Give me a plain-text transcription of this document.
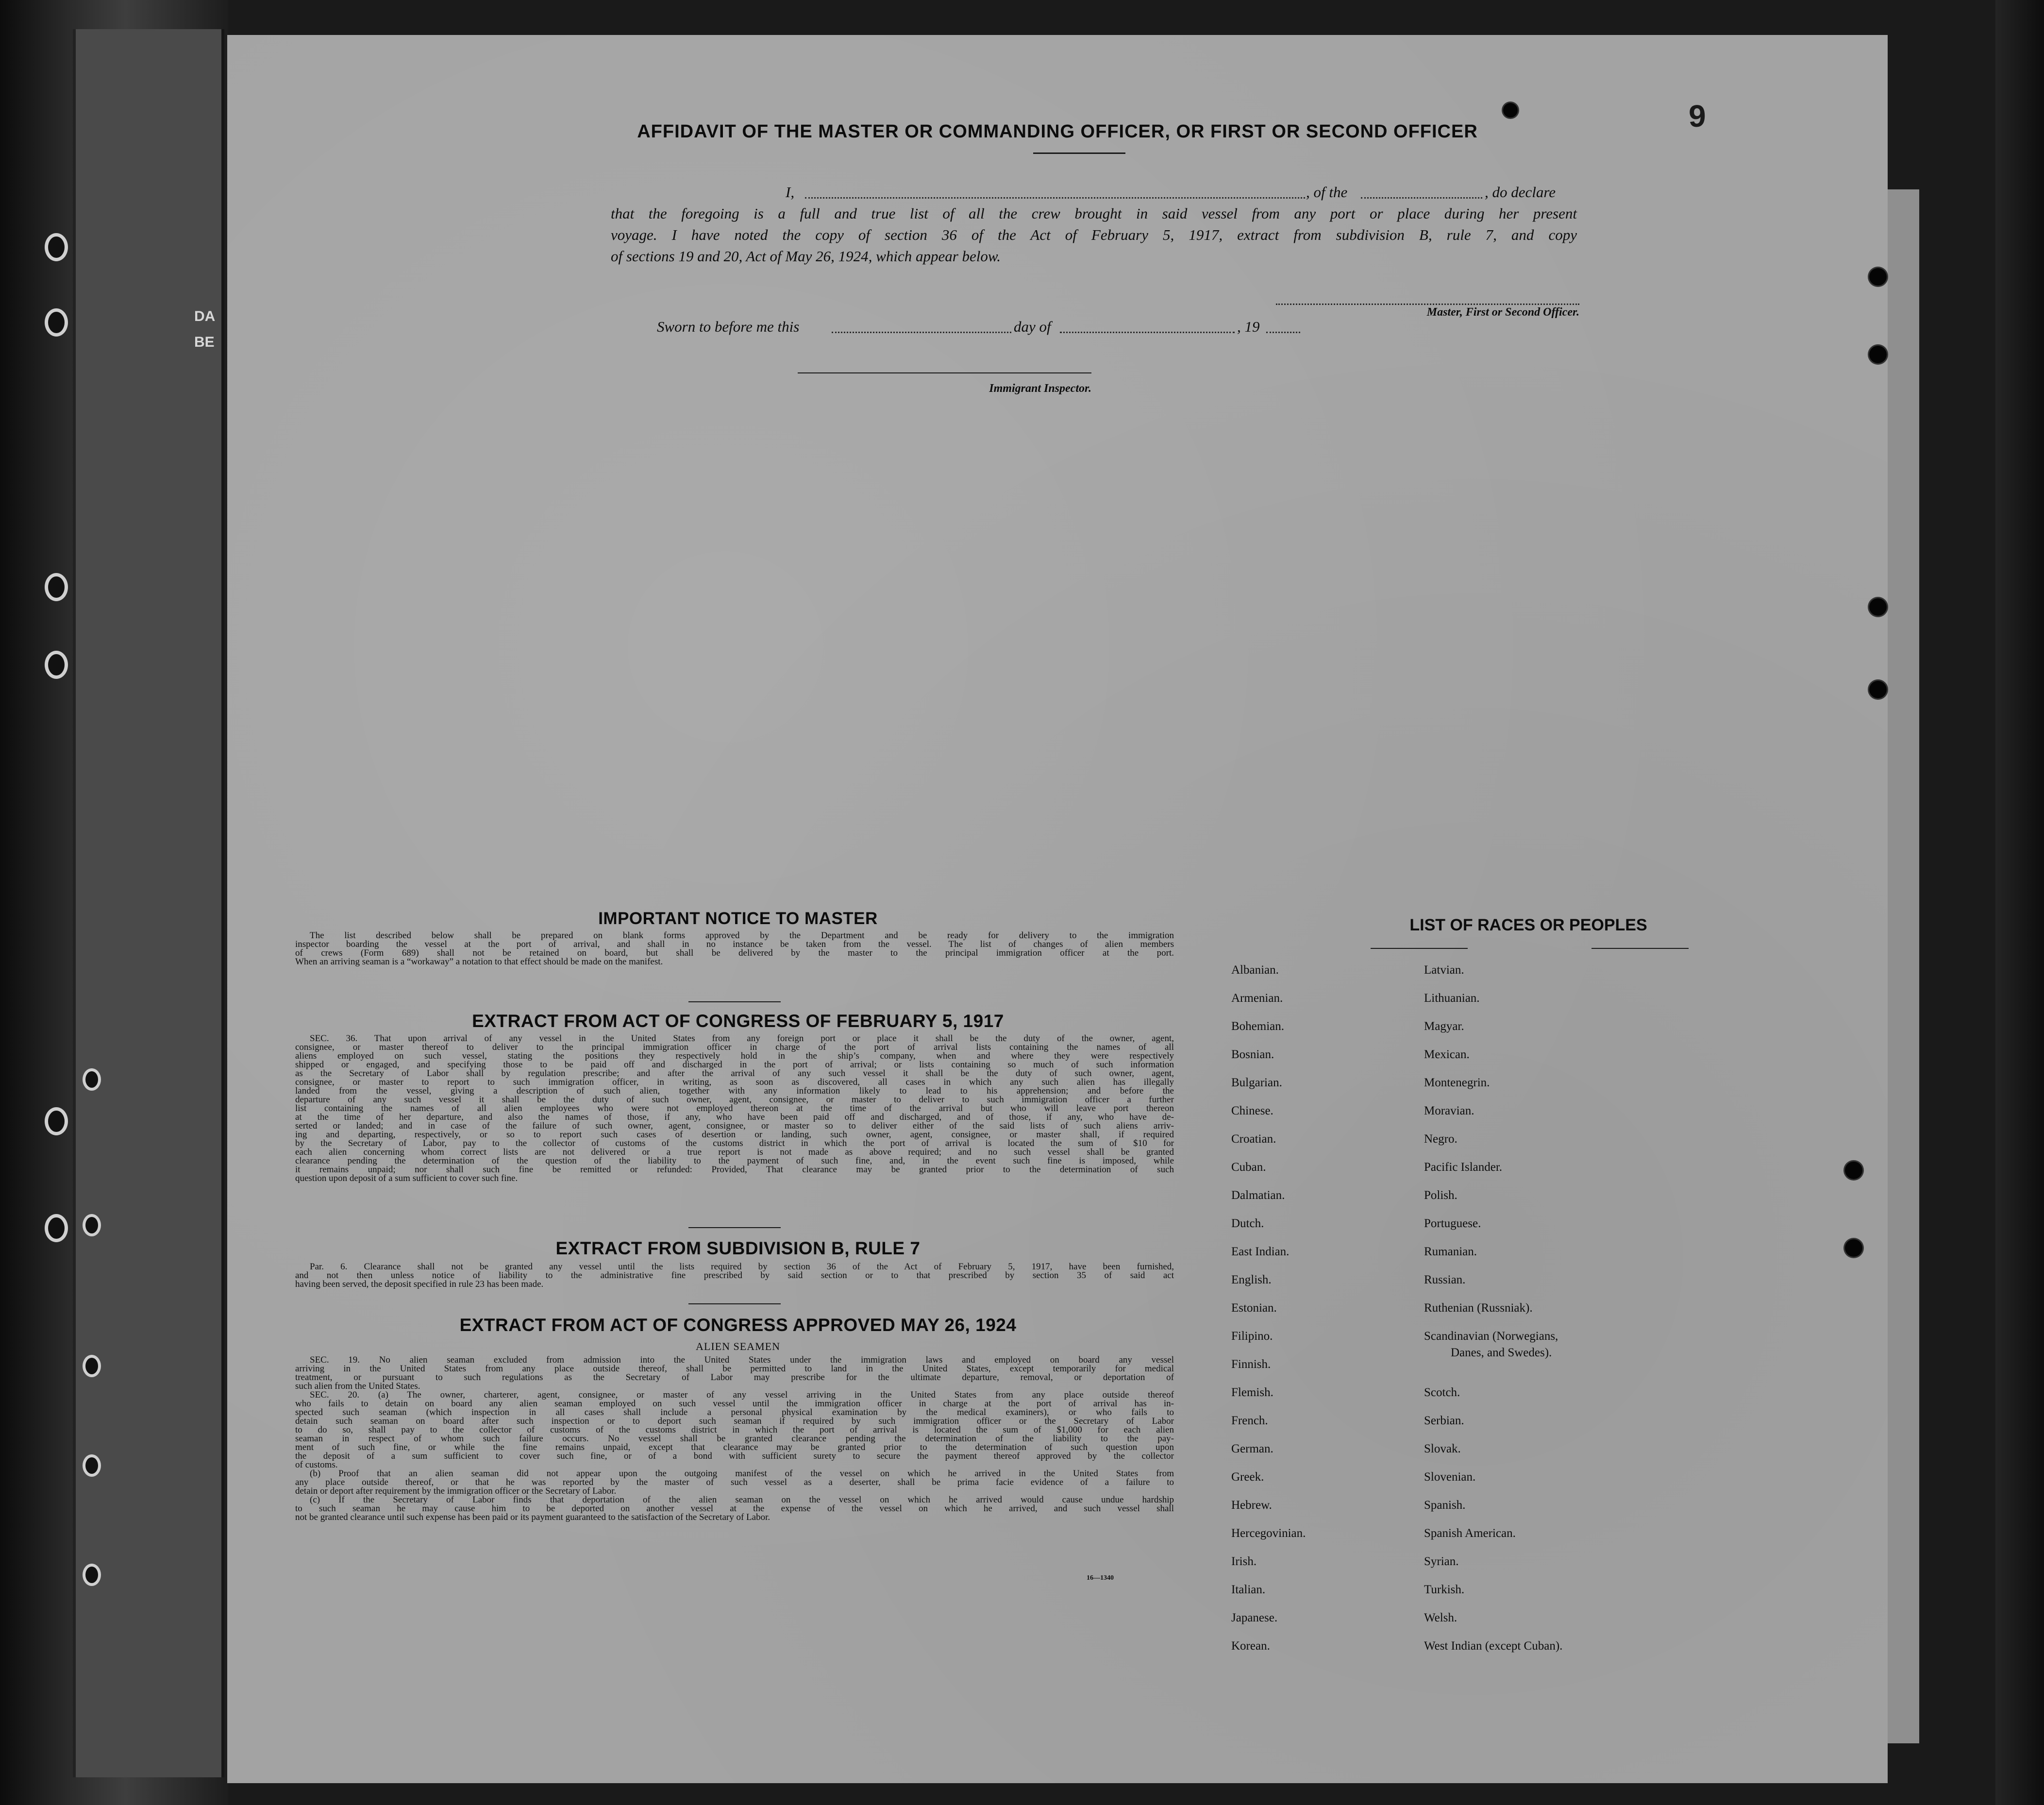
DA
BE
9
AFFIDAVIT OF THE MASTER OR COMMANDING OFFICER, OR FIRST OR SECOND OFFICER
I,	, of the	, do declare
that the foregoing is a full and true list of all the crew brought in said vessel from any port or place during her present
voyage. I have noted the copy of section 36 of the Act of February 5, 1917, extract from subdivision B, rule 7, and copy
of sections 19 and 20, Act of May 26, 1924, which appear below.
Master, First or Second Officer.
Sworn to before me this	day of	, 19
Immigrant Inspector.
IMPORTANT NOTICE TO MASTER
The list described below shall be prepared on blank forms approved by the Department and be ready for delivery to the immigration
inspector boarding the vessel at the port of arrival, and shall in no instance be taken from the vessel. The list of changes of alien members
of crews (Form 689) shall not be retained on board, but shall be delivered by the master to the principal immigration officer at the port.
When an arriving seaman is a “workaway” a notation to that effect should be made on the manifest.
EXTRACT FROM ACT OF CONGRESS OF FEBRUARY 5, 1917
SEC. 36. That upon arrival of any vessel in the United States from any foreign port or place it shall be the duty of the owner, agent,
consignee, or master thereof to deliver to the principal immigration officer in charge of the port of arrival lists containing the names of all
aliens employed on such vessel, stating the positions they respectively hold in the ship’s company, when and where they were respectively
shipped or engaged, and specifying those to be paid off and discharged in the port of arrival; or lists containing so much of such information
as the Secretary of Labor shall by regulation prescribe; and after the arrival of any such vessel it shall be the duty of such owner, agent,
consignee, or master to report to such immigration officer, in writing, as soon as discovered, all cases in which any such alien has illegally
landed from the vessel, giving a description of such alien, together with any information likely to lead to his apprehension; and before the
departure of any such vessel it shall be the duty of such owner, agent, consignee, or master to deliver to such immigration officer a further
list containing the names of all alien employees who were not employed thereon at the time of the arrival but who will leave port thereon
at the time of her departure, and also the names of those, if any, who have been paid off and discharged, and of those, if any, who have de-
serted or landed; and in case of the failure of such owner, agent, consignee, or master so to deliver either of the said lists of such aliens arriv-
ing and departing, respectively, or so to report such cases of desertion or landing, such owner, agent, consignee, or master shall, if required
by the Secretary of Labor, pay to the collector of customs of the customs district in which the port of arrival is located the sum of $10 for
each alien concerning whom correct lists are not delivered or a true report is not made as above required; and no such vessel shall be granted
clearance pending the determination of the question of the liability to the payment of such fine, and, in the event such fine is imposed, while
it remains unpaid; nor shall such fine be remitted or refunded: Provided, That clearance may be granted prior to the determination of such
question upon deposit of a sum sufficient to cover such fine.
EXTRACT FROM SUBDIVISION B, RULE 7
Par. 6. Clearance shall not be granted any vessel until the lists required by section 36 of the Act of February 5, 1917, have been furnished,
and not then unless notice of liability to the administrative fine prescribed by said section or to that prescribed by section 35 of said act
having been served, the deposit specified in rule 23 has been made.
EXTRACT FROM ACT OF CONGRESS APPROVED MAY 26, 1924
ALIEN SEAMEN
SEC. 19. No alien seaman excluded from admission into the United States under the immigration laws and employed on board any vessel
arriving in the United States from any place outside thereof, shall be permitted to land in the United States, except temporarily for medical
treatment, or pursuant to such regulations as the Secretary of Labor may prescribe for the ultimate departure, removal, or deportation of
such alien from the United States.
SEC. 20. (a) The owner, charterer, agent, consignee, or master of any vessel arriving in the United States from any place outside thereof
who fails to detain on board any alien seaman employed on such vessel until the immigration officer in charge at the port of arrival has in-
spected such seaman (which inspection in all cases shall include a personal physical examination by the medical examiners), or who fails to
detain such seaman on board after such inspection or to deport such seaman if required by such immigration officer or the Secretary of Labor
to do so, shall pay to the collector of customs of the customs district in which the port of arrival is located the sum of $1,000 for each alien
seaman in respect of whom such failure occurs. No vessel shall be granted clearance pending the determination of the liability to the pay-
ment of such fine, or while the fine remains unpaid, except that clearance may be granted prior to the determination of such question upon
the deposit of a sum sufficient to cover such fine, or of a bond with sufficient surety to secure the payment thereof approved by the collector
of customs.
(b) Proof that an alien seaman did not appear upon the outgoing manifest of the vessel on which he arrived in the United States from
any place outside thereof, or that he was reported by the master of such vessel as a deserter, shall be prima facie evidence of a failure to
detain or deport after requirement by the immigration officer or the Secretary of Labor.
(c) If the Secretary of Labor finds that deportation of the alien seaman on the vessel on which he arrived would cause undue hardship
to such seaman he may cause him to be deported on another vessel at the expense of the vessel on which he arrived, and such vessel shall
not be granted clearance until such expense has been paid or its payment guaranteed to the satisfaction of the Secretary of Labor.
16—1340
LIST OF RACES OR PEOPLES
Albanian.
Armenian.
Bohemian.
Bosnian.
Bulgarian.
Chinese.
Croatian.
Cuban.
Dalmatian.
Dutch.
East Indian.
English.
Estonian.
Filipino.
Finnish.
Flemish.
French.
German.
Greek.
Hebrew.
Hercegovinian.
Irish.
Italian.
Japanese.
Korean.
Latvian.
Lithuanian.
Magyar.
Mexican.
Montenegrin.
Moravian.
Negro.
Pacific Islander.
Polish.
Portuguese.
Rumanian.
Russian.
Ruthenian (Russniak).
Scandinavian (Norwegians,
Danes, and Swedes).
Scotch.
Serbian.
Slovak.
Slovenian.
Spanish.
Spanish American.
Syrian.
Turkish.
Welsh.
West Indian (except Cuban).
